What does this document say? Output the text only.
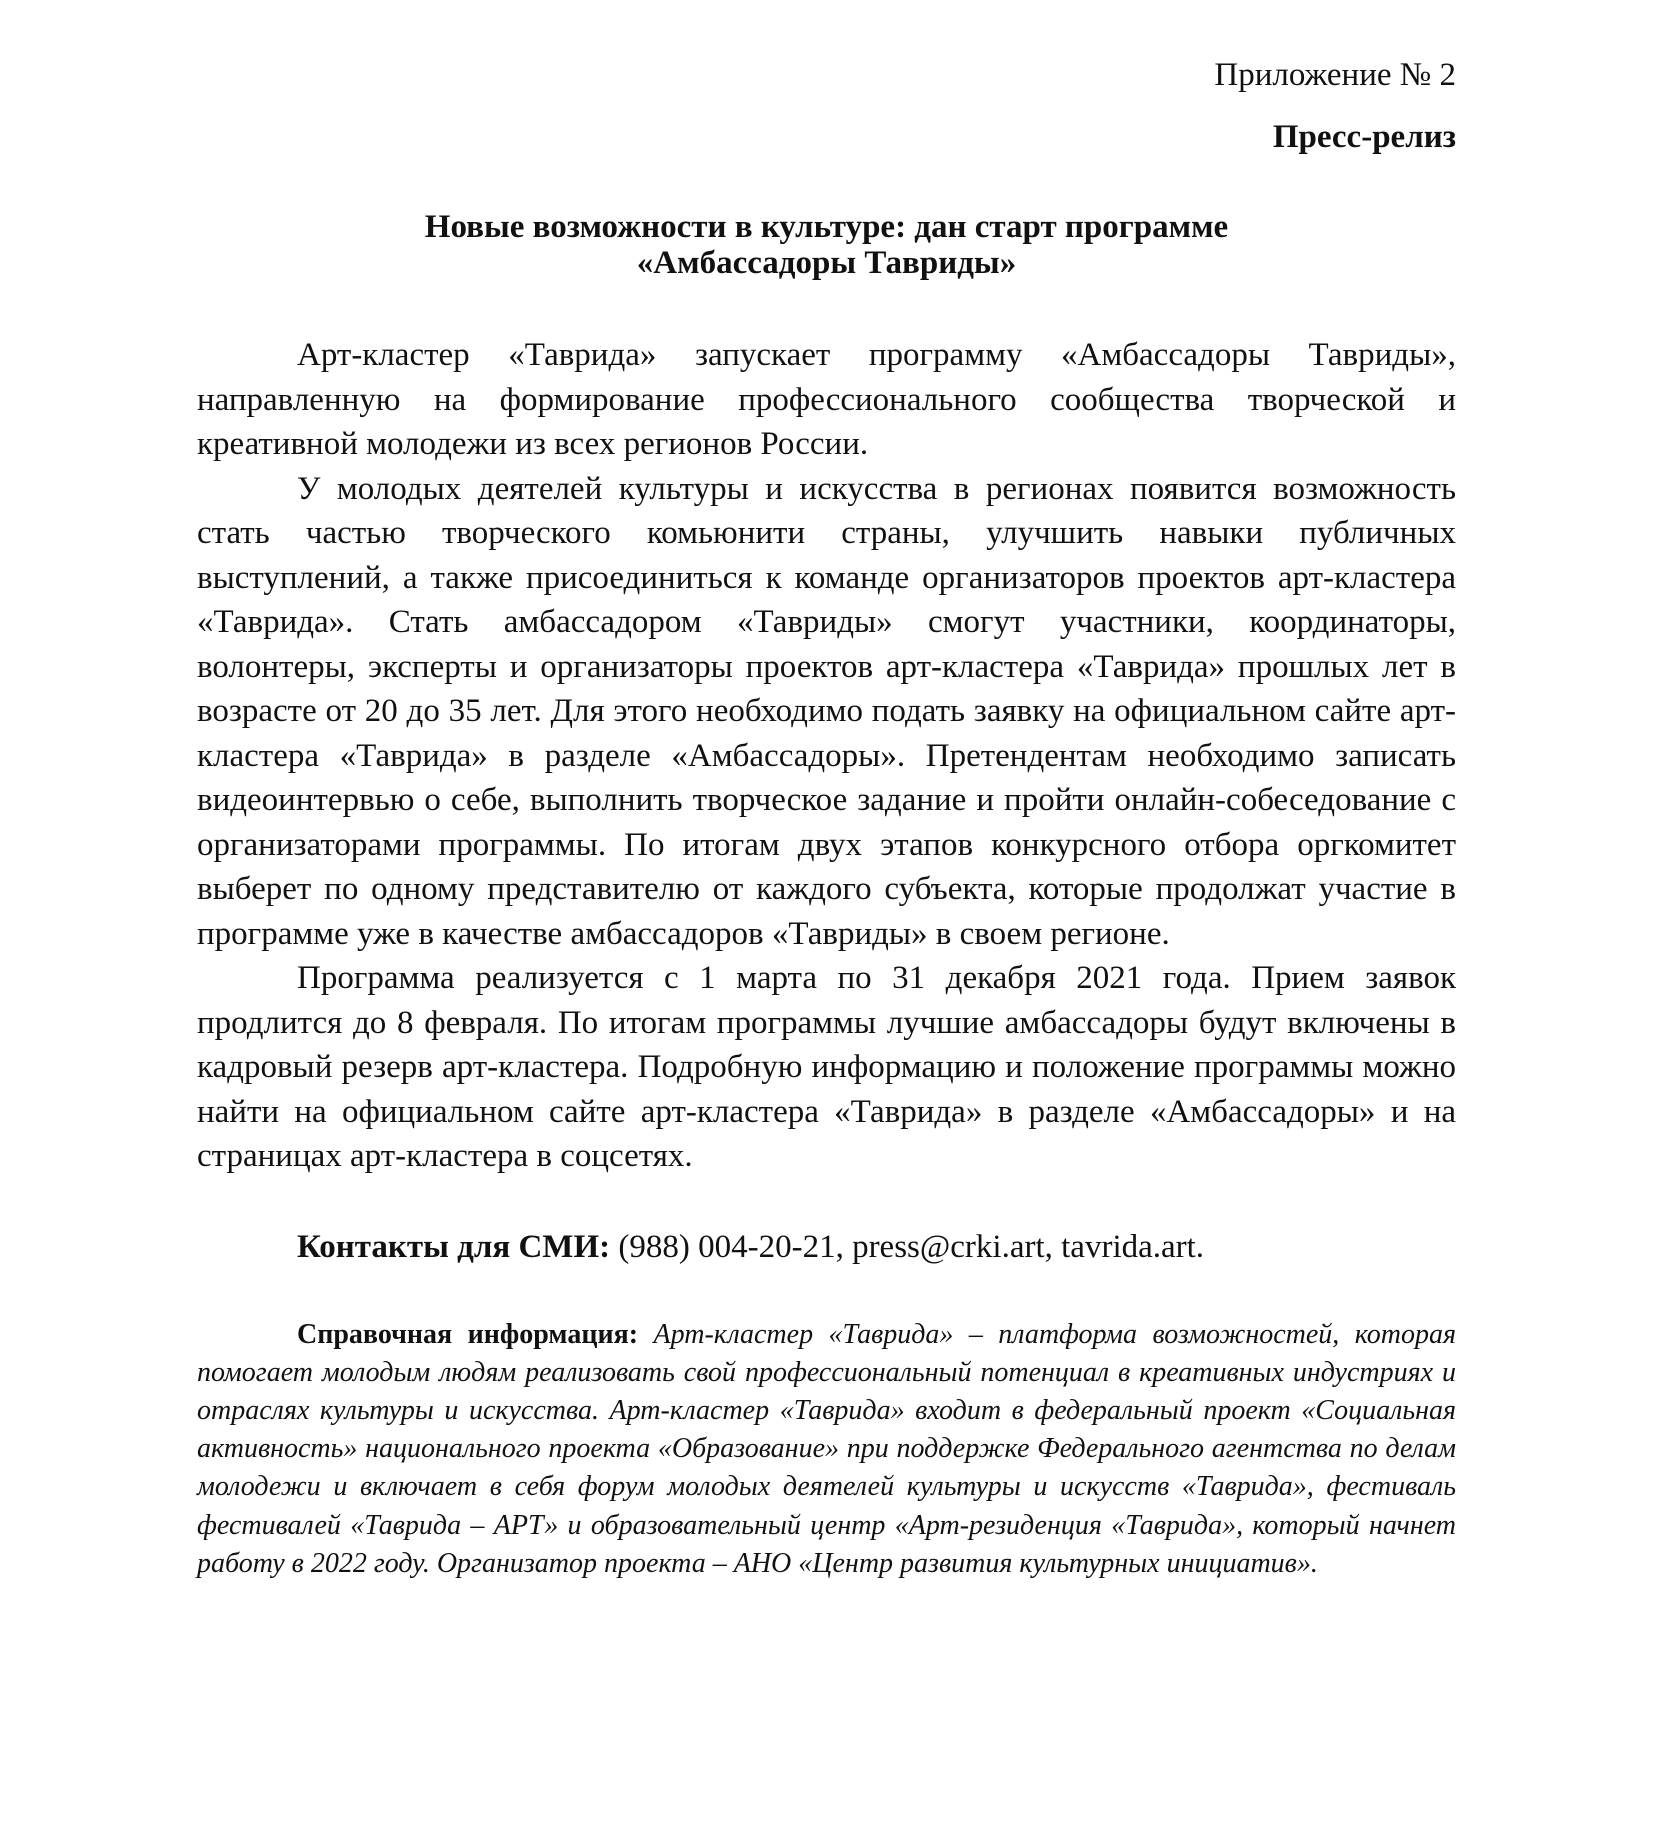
Приложение № 2

Пресс-релиз

Новые возможности в культуре: дан старт программе
«Амбассадоры Тавриды»

Арт-кластер «Таврида» запускает программу «Амбассадоры Тавриды», направленную на формирование профессионального сообщества творческой и креативной молодежи из всех регионов России.

У молодых деятелей культуры и искусства в регионах появится возможность стать частью творческого комьюнити страны, улучшить навыки публичных выступлений, а также присоединиться к команде организаторов проектов арт-кластера «Таврида». Стать амбассадором «Тавриды» смогут участники, координаторы, волонтеры, эксперты и организаторы проектов арт-кластера «Таврида» прошлых лет в возрасте от 20 до 35 лет. Для этого необходимо подать заявку на официальном сайте арт-кластера «Таврида» в разделе «Амбассадоры». Претендентам необходимо записать видеоинтервью о себе, выполнить творческое задание и пройти онлайн-собеседование с организаторами программы. По итогам двух этапов конкурсного отбора оргкомитет выберет по одному представителю от каждого субъекта, которые продолжат участие в программе уже в качестве амбассадоров «Тавриды» в своем регионе.

Программа реализуется с 1 марта по 31 декабря 2021 года. Прием заявок продлится до 8 февраля. По итогам программы лучшие амбассадоры будут включены в кадровый резерв арт-кластера. Подробную информацию и положение программы можно найти на официальном сайте арт-кластера «Таврида» в разделе «Амбассадоры» и на страницах арт-кластера в соцсетях.

Контакты для СМИ: (988) 004-20-21, press@crki.art, tavrida.art.

Справочная информация: Арт-кластер «Таврида» – платформа возможностей, которая помогает молодым людям реализовать свой профессиональный потенциал в креативных индустриях и отраслях культуры и искусства. Арт-кластер «Таврида» входит в федеральный проект «Социальная активность» национального проекта «Образование» при поддержке Федерального агентства по делам молодежи и включает в себя форум молодых деятелей культуры и искусств «Таврида», фестиваль фестивалей «Таврида – АРТ» и образовательный центр «Арт-резиденция «Таврида», который начнет работу в 2022 году. Организатор проекта – АНО «Центр развития культурных инициатив».
